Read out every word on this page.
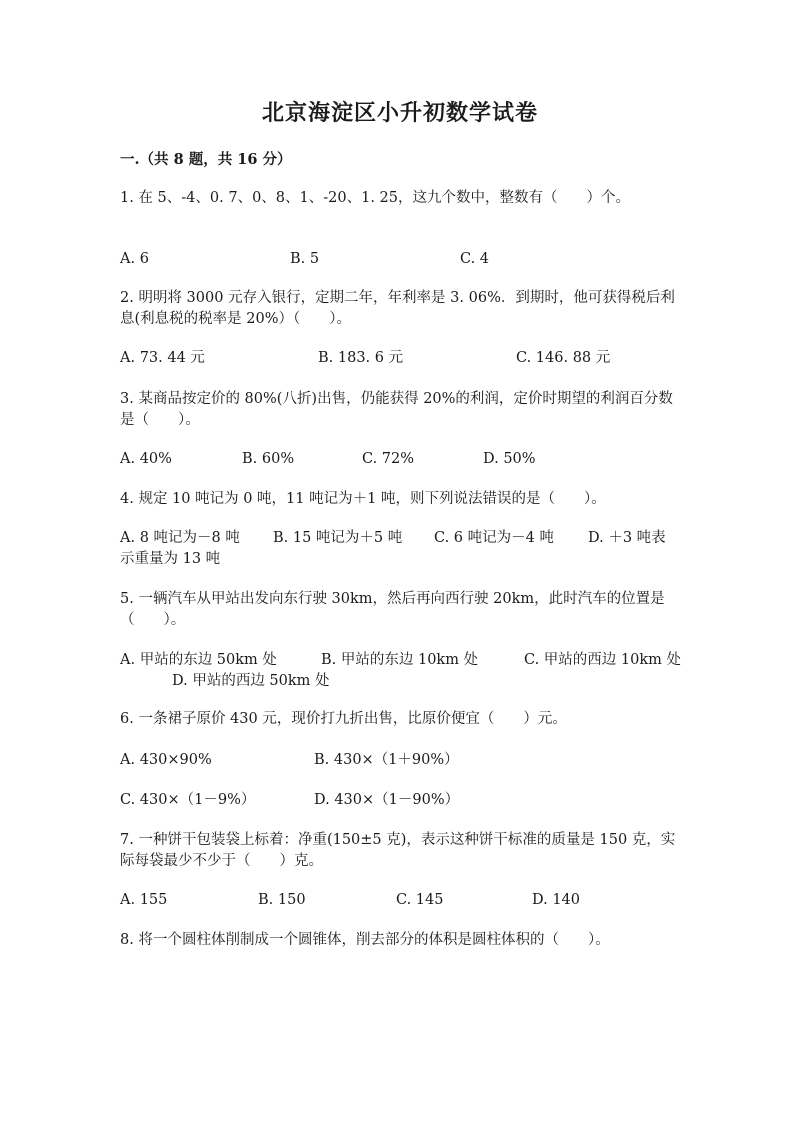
北京海淀区小升初数学试卷
一.（共 8 题，共 16 分）
1. 在 5、-4、0. 7、0、8、1、-20、1. 25，这九个数中，整数有（　　）个。
A. 6	B. 5	C. 4
2. 明明将 3000 元存入银行，定期二年，年利率是 3. 06%．到期时，他可获得税后利息(利息税的税率是 20%）（　　）。
A. 73. 44 元	B. 183. 6 元	C. 146. 88 元
3. 某商品按定价的 80%(八折)出售，仍能获得 20%的利润，定价时期望的利润百分数是（　　）。
A. 40%	B. 60%	C. 72%	D. 50%
4. 规定 10 吨记为 0 吨，11 吨记为＋1 吨，则下列说法错误的是（　　）。
A. 8 吨记为－8 吨 B. 15 吨记为＋5 吨 C. 6 吨记为－4 吨	D. ＋3 吨表示重量为 13 吨
5. 一辆汽车从甲站出发向东行驶 30km，然后再向西行驶 20km，此时汽车的位置是（　　）。
A. 甲站的东边 50km 处	B. 甲站的东边 10km 处	C. 甲站的西边 10km 处
D. 甲站的西边 50km 处
6. 一条裙子原价 430 元，现价打九折出售，比原价便宜（　　）元。
A. 430×90%	B. 430×（1＋90%）
C. 430×（1－9%）	D. 430×（1－90%）
7. 一种饼干包装袋上标着：净重(150±5 克)，表示这种饼干标准的质量是 150 克，实际每袋最少不少于（　　）克。
A. 155	B. 150	C. 145	D. 140
8. 将一个圆柱体削制成一个圆锥体，削去部分的体积是圆柱体积的（　　）。
